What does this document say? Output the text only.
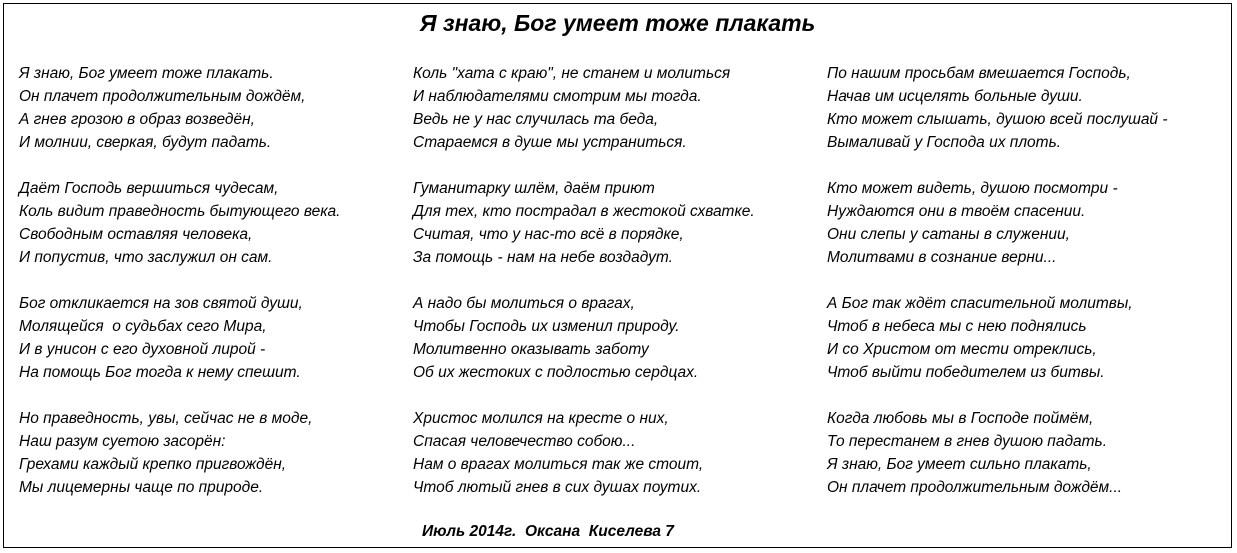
Я знаю, Бог умеет тоже плакать
Я знаю, Бог умеет тоже плакать.
Он плачет продолжительным дождём,
А гнев грозою в образ возведён,
И молнии, сверкая, будут падать.
Даёт Господь вершиться чудесам,
Коль видит праведность бытующего века.
Свободным оставляя человека,
И попустив, что заслужил он сам.
Бог откликается на зов святой души,
Молящейся  о судьбах сего Мира,
И в унисон с его духовной лирой -
На помощь Бог тогда к нему спешит.
Но праведность, увы, сейчас не в моде,
Наш разум суетою засорён:
Грехами каждый крепко пригвождён,
Мы лицемерны чаще по природе.
Коль "хата с краю", не станем и молиться
И наблюдателями смотрим мы тогда.
Ведь не у нас случилась та беда,
Стараемся в душе мы устраниться.
Гуманитарку шлём, даём приют
Для тех, кто пострадал в жестокой схватке.
Считая, что у нас-то всё в порядке,
За помощь - нам на небе воздадут.
А надо бы молиться о врагах,
Чтобы Господь их изменил природу.
Молитвенно оказывать заботу
Об их жестоких с подлостью сердцах.
Христос молился на кресте о них,
Спасая человечество собою...
Нам о врагах молиться так же стоит,
Чтоб лютый гнев в сих душах поутих.
По нашим просьбам вмешается Господь,
Начав им исцелять больные души.
Кто может слышать, душою всей послушай -
Вымаливай у Господа их плоть.
Кто может видеть, душою посмотри -
Нуждаются они в твоём спасении.
Они слепы у сатаны в служении,
Молитвами в сознание верни...
А Бог так ждёт спасительной молитвы,
Чтоб в небеса мы с нею поднялись
И со Христом от мести отреклись,
Чтоб выйти победителем из битвы.
Когда любовь мы в Господе поймём,
То перестанем в гнев душою падать.
Я знаю, Бог умеет сильно плакать,
Он плачет продолжительным дождём...
Июль 2014г.  Оксана  Киселева 7
